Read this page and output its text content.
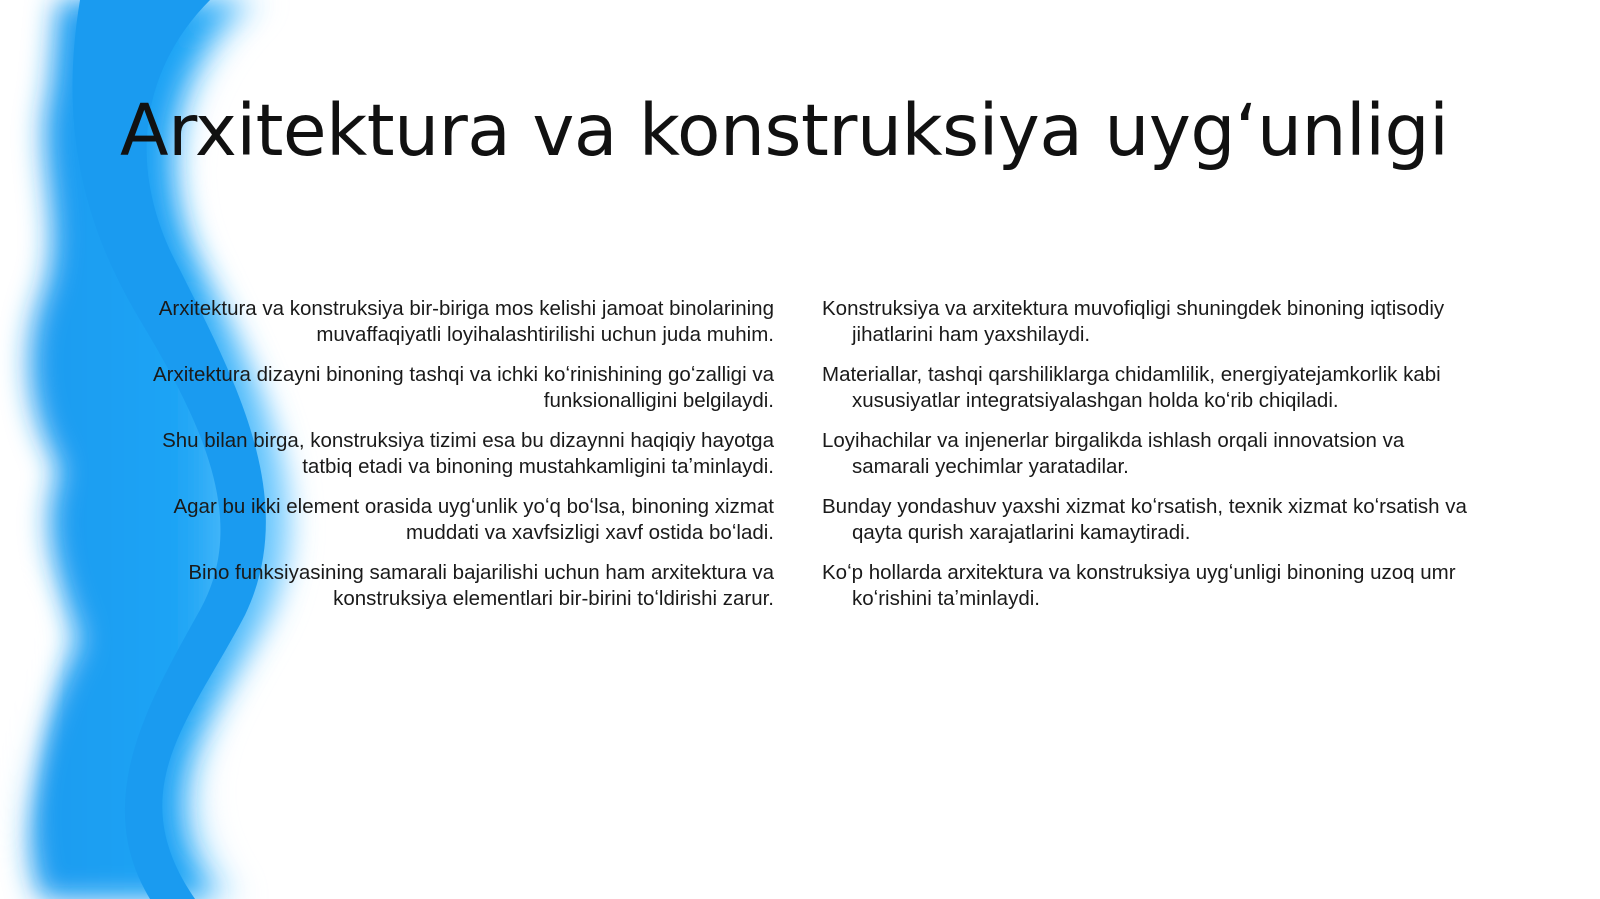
Arxitektura va konstruksiya uyg‘unligi

Arxitektura va konstruksiya bir-biriga mos kelishi jamoat binolarining muvaffaqiyatli loyihalashtirilishi uchun juda muhim.

Arxitektura dizayni binoning tashqi va ichki koʻrinishining goʻzalligi va funksionalligini belgilaydi.

Shu bilan birga, konstruksiya tizimi esa bu dizaynni haqiqiy hayotga tatbiq etadi va binoning mustahkamligini taʼminlaydi.

Agar bu ikki element orasida uygʻunlik yoʻq boʻlsa, binoning xizmat muddati va xavfsizligi xavf ostida boʻladi.

Bino funksiyasining samarali bajarilishi uchun ham arxitektura va konstruksiya elementlari bir-birini toʻldirishi zarur.

Konstruksiya va arxitektura muvofiqligi shuningdek binoning iqtisodiy jihatlarini ham yaxshilaydi.

Materiallar, tashqi qarshiliklarga chidamlilik, energiyatejamkorlik kabi xususiyatlar integratsiyalashgan holda koʻrib chiqiladi.

Loyihachilar va injenerlar birgalikda ishlash orqali innovatsion va samarali yechimlar yaratadilar.

Bunday yondashuv yaxshi xizmat koʻrsatish, texnik xizmat koʻrsatish va qayta qurish xarajatlarini kamaytiradi.

Koʻp hollarda arxitektura va konstruksiya uygʻunligi binoning uzoq umr koʻrishini taʼminlaydi.
